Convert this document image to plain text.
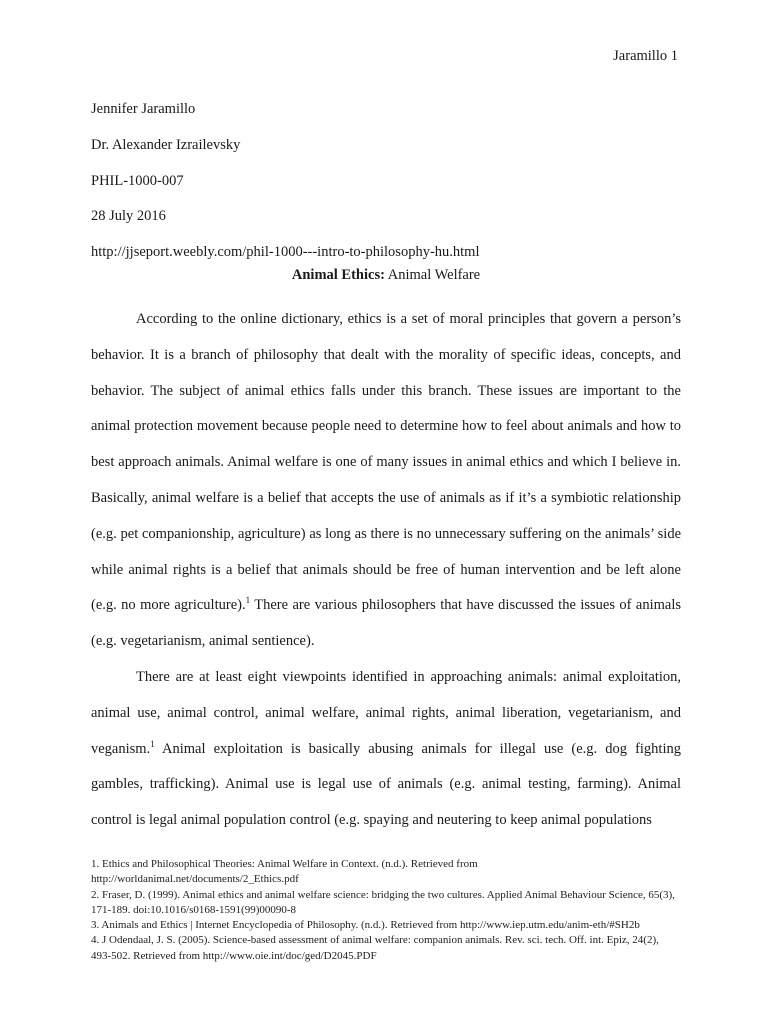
Jaramillo 1
Jennifer Jaramillo
Dr. Alexander Izrailevsky
PHIL-1000-007
28 July 2016
http://jjseport.weebly.com/phil-1000---intro-to-philosophy-hu.html
Animal Ethics: Animal Welfare

According to the online dictionary, ethics is a set of moral principles that govern a person’s behavior. It is a branch of philosophy that dealt with the morality of specific ideas, concepts, and behavior. The subject of animal ethics falls under this branch. These issues are important to the animal protection movement because people need to determine how to feel about animals and how to best approach animals. Animal welfare is one of many issues in animal ethics and which I believe in. Basically, animal welfare is a belief that accepts the use of animals as if it’s a symbiotic relationship (e.g. pet companionship, agriculture) as long as there is no unnecessary suffering on the animals’ side while animal rights is a belief that animals should be free of human intervention and be left alone (e.g. no more agriculture).$^1$ There are various philosophers that have discussed the issues of animals (e.g. vegetarianism, animal sentience).

There are at least eight viewpoints identified in approaching animals: animal exploitation, animal use, animal control, animal welfare, animal rights, animal liberation, vegetarianism, and veganism.$^1$ Animal exploitation is basically abusing animals for illegal use (e.g. dog fighting gambles, trafficking). Animal use is legal use of animals (e.g. animal testing, farming). Animal control is legal animal population control (e.g. spaying and neutering to keep animal populations

1. Ethics and Philosophical Theories: Animal Welfare in Context. (n.d.). Retrieved from http://worldanimal.net/documents/2_Ethics.pdf
2. Fraser, D. (1999). Animal ethics and animal welfare science: bridging the two cultures. Applied Animal Behaviour Science, 65(3), 171-189. doi:10.1016/s0168-1591(99)00090-8
3. Animals and Ethics | Internet Encyclopedia of Philosophy. (n.d.). Retrieved from http://www.iep.utm.edu/anim-eth/#SH2b
4. J Odendaal, J. S. (2005). Science-based assessment of animal welfare: companion animals. Rev. sci. tech. Off. int. Epiz, 24(2), 493-502. Retrieved from http://www.oie.int/doc/ged/D2045.PDF
